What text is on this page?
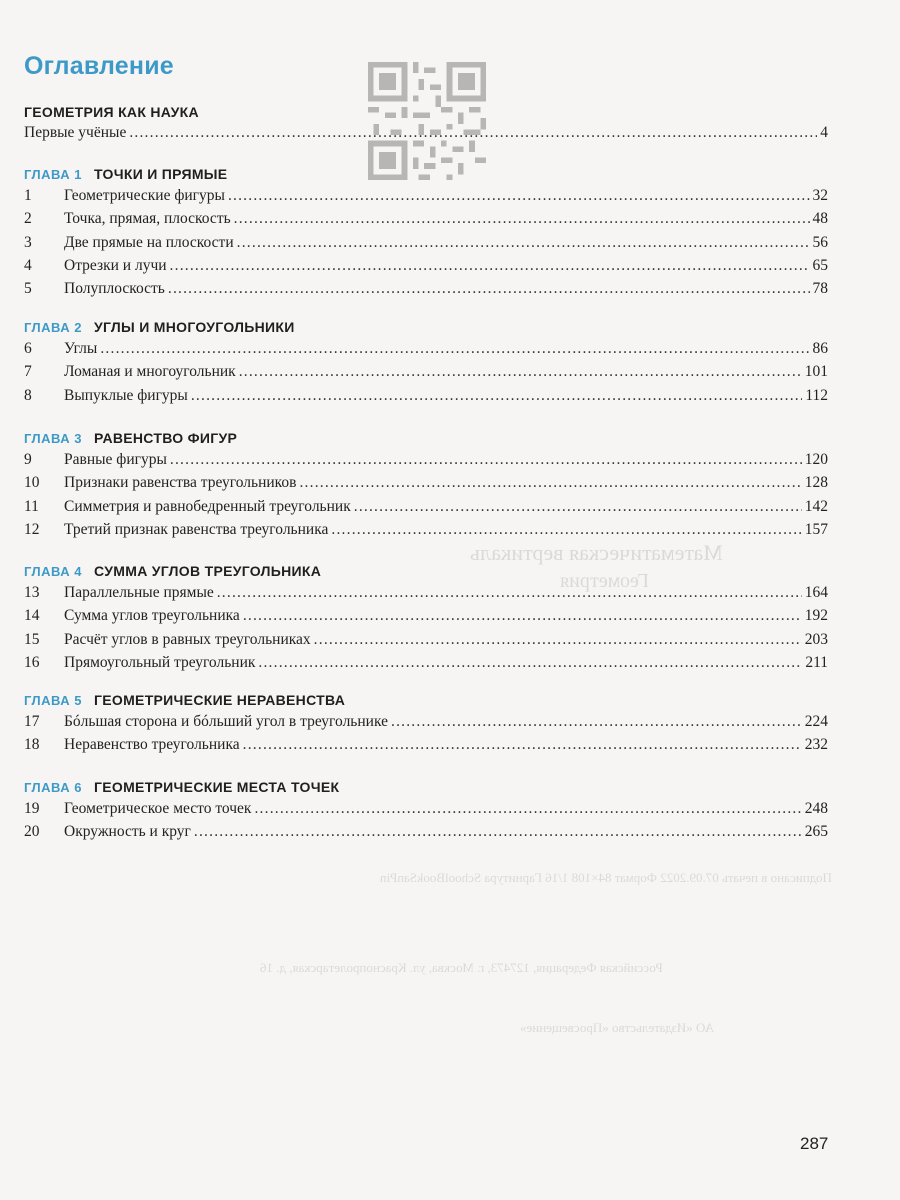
Оглавление
ГЕОМЕТРИЯ КАК НАУКА
Первые учёные .....	4
ГЛАВА 1 ТОЧКИ И ПРЯМЫЕ
1	Геометрические фигуры .....	32
2	Точка, прямая, плоскость .....	48
3	Две прямые на плоскости .....	56
4	Отрезки и лучи .....	65
5	Полуплоскость .....	78
ГЛАВА 2 УГЛЫ И МНОГОУГОЛЬНИКИ
6	Углы .....	86
7	Ломаная и многоугольник .....	101
8	Выпуклые фигуры .....	112
ГЛАВА 3 РАВЕНСТВО ФИГУР
9	Равные фигуры .....	120
10	Признаки равенства треугольников .....	128
11	Симметрия и равнобедренный треугольник .....	142
12	Третий признак равенства треугольника .....	157
ГЛАВА 4 СУММА УГЛОВ ТРЕУГОЛЬНИКА
13	Параллельные прямые .....	164
14	Сумма углов треугольника .....	192
15	Расчёт углов в равных треугольниках .....	203
16	Прямоугольный треугольник .....	211
ГЛАВА 5 ГЕОМЕТРИЧЕСКИЕ НЕРАВЕНСТВА
17	Бóльшая сторона и бóльший угол в треугольнике .....	224
18	Неравенство треугольника .....	232
ГЛАВА 6 ГЕОМЕТРИЧЕСКИЕ МЕСТА ТОЧЕК
19	Геометрическое место точек .....	248
20	Окружность и круг .....	265
Математическая вертикаль
Геометрия
Подписано в печать 07.09.2022 Формат 84×108 1/16 Гарнитура SchoolBookSanPin
Российская Федерация, 127473, г. Москва, ул. Краснопролетарская, д. 16
АО «Издательство «Просвещение»
287
